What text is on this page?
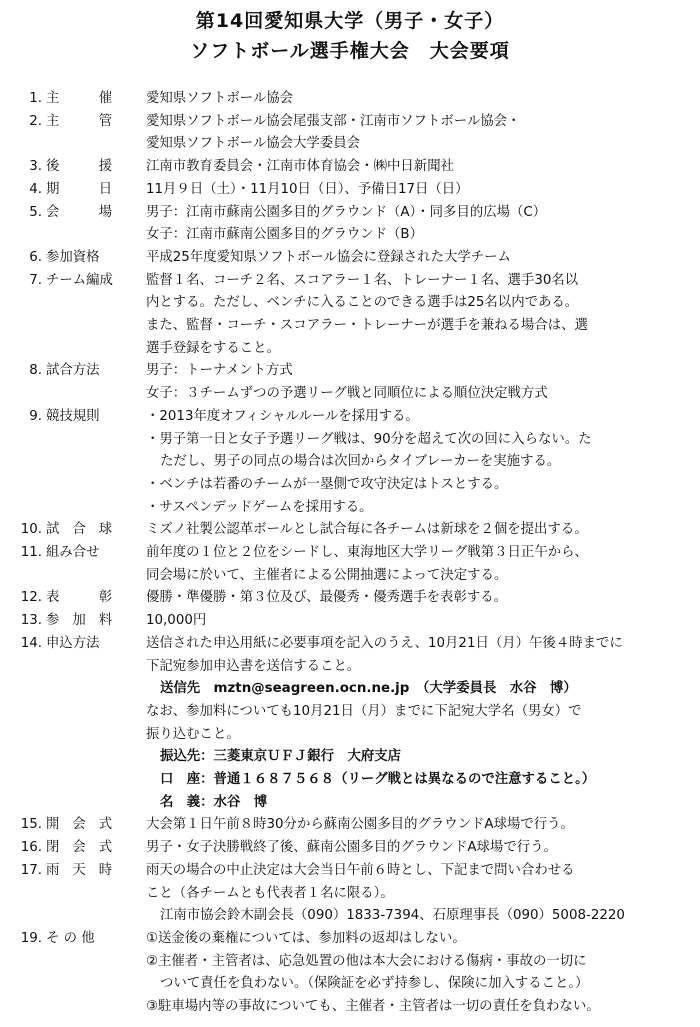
第14回愛知県大学（男子・女子）
ソフトボール選手権大会　大会要項
1. 主　催	愛知県ソフトボール協会
2. 主　管	愛知県ソフトボール協会尾張支部・江南市ソフトボール協会・
愛知県ソフトボール協会大学委員会
3. 後　援	江南市教育委員会・江南市体育協会・㈱中日新聞社
4. 期　日	11月９日（土）・11月10日（日）、予備日17日（日）
5. 会　場	男子：江南市蘇南公園多目的グラウンド（A）・同多目的広場（C）
女子：江南市蘇南公園多目的グラウンド（B）
6. 参加資格	平成25年度愛知県ソフトボール協会に登録された大学チーム
7. チーム編成	監督１名、コーチ２名、スコアラー１名、トレーナー１名、選手30名以
内とする。ただし、ベンチに入ることのできる選手は25名以内である。
また、監督・コーチ・スコアラー・トレーナーが選手を兼ねる場合は、選
選手登録をすること。
8. 試合方法	男子：トーナメント方式
女子：３チームずつの予選リーグ戦と同順位による順位決定戦方式
9. 競技規則	・2013年度オフィシャルルールを採用する。
・男子第一日と女子予選リーグ戦は、90分を超えて次の回に入らない。た
ただし、男子の同点の場合は次回からタイブレーカーを実施する。
・ベンチは若番のチームが一塁側で攻守決定はトスとする。
・サスペンデッドゲームを採用する。
10. 試合球	ミズノ社製公認革ボールとし試合毎に各チームは新球を２個を提出する。
11. 組み合せ	前年度の１位と２位をシードし、東海地区大学リーグ戦第３日正午から、
同会場に於いて、主催者による公開抽選によって決定する。
12. 表　彰	優勝・準優勝・第３位及び、最優秀・優秀選手を表彰する。
13. 参加料	10,000円
14. 申込方法	送信された申込用紙に必要事項を記入のうえ、10月21日（月）午後４時までに
下記宛参加申込書を送信すること。
送信先　mztn@seagreen.ocn.ne.jp　（大学委員長　水谷　博）
なお、参加料についても10月21日（月）までに下記宛大学名（男女）で
振り込むこと。
振込先：三菱東京ＵＦＪ銀行　大府支店
口　座：普通１６８７５６８（リーグ戦とは異なるので注意すること。）
名　義：水谷　博
15. 開会式	大会第１日午前８時30分から蘇南公園多目的グラウンドA球場で行う。
16. 閉会式	男子・女子決勝戦終了後、蘇南公園多目的グラウンドA球場で行う。
17. 雨天時	雨天の場合の中止決定は大会当日午前６時とし、下記まで問い合わせる
こと（各チームとも代表者１名に限る）。
江南市協会鈴木副会長（090）1833-7394、石原理事長（090）5008-2220
19. そ の 他	①送金後の棄権については、参加料の返却はしない。
②主催者・主管者は、応急処置の他は本大会における傷病・事故の一切に
ついて責任を負わない。（保険証を必ず持参し、保険に加入すること。）
③駐車場内等の事故についても、主催者・主管者は一切の責任を負わない。
